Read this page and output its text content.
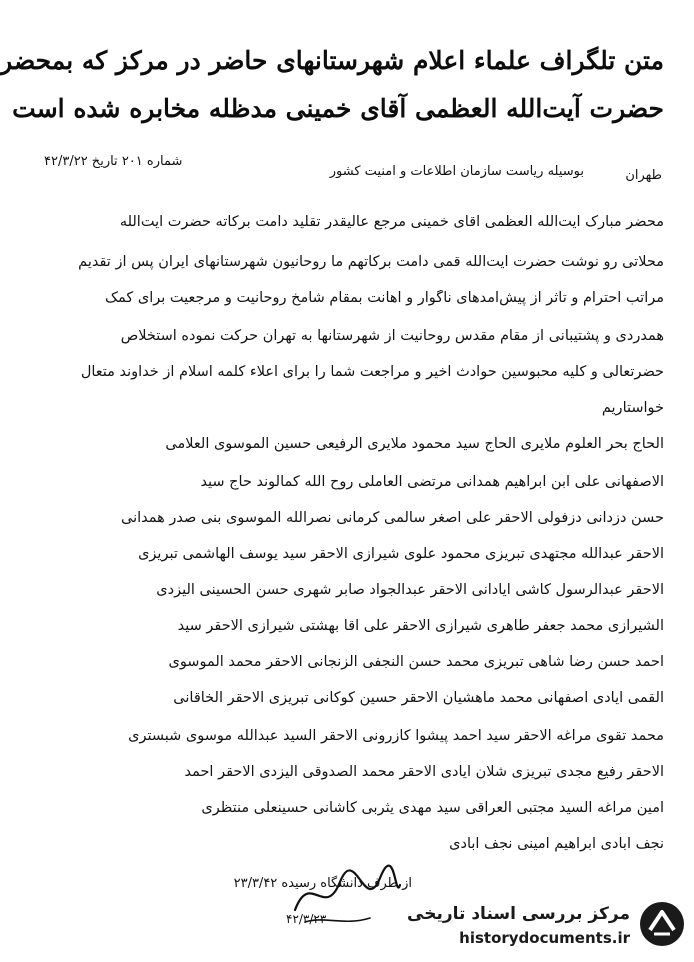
متن تلگراف علماء اعلام شهرستانهای حاضر در مرکز که بمحضر
حضرت آیت‌الله العظمی آقای خمینی مدظله مخابره شده است
طهران
بوسیله ریاست سازمان اطلاعات و امنیت کشور
شماره ۲۰۱ تاریخ ۴۲/۳/۲۲
محضر مبارک آیت‌الله العظمی آقای خمینی مرجع عالیقدر تقلید دامت برکاته حضرت آیت‌الله
محلاتی رو نوشت حضرت آیت‌الله قمی دامت برکاتهم ما روحانیون شهرستانهای ایران پس از تقدیم
مراتب احترام و تأثر از پیش‌آمدهای ناگوار و اهانت بمقام شامخ روحانیت و مرجعیت برای کمک
همدردی و پشتیبانی از مقام مقدس روحانیت از شهرستانها به تهران حرکت نموده استخلاص
حضرتعالی و کلیه محبوسین حوادث اخیر و مراجعت شما را برای اعلاء کلمه اسلام از خداوند متعال
خواستاریم
الحاج بحر العلوم ملایری الحاج سید محمود ملایری الرفیعی حسین الموسوی العلامی
الاصفهانی علی ابن ابراهیم همدانی مرتضی العاملی روح الله کمالوند حاج سید
حسن دزدانی دزفولی الاحقر علی اصغر سالمی کرمانی نصرالله الموسوی بنی صدر همدانی
الاحقر عبدالله مجتهدی تبریزی محمود علوی شیرازی الاحقر سید یوسف الهاشمی تبریزی
الاحقر عبدالرسول کاشی آیادانی الاحقر عبدالجواد صابر شهری حسن الحسینی الیزدی
الشیرازی محمد جعفر طاهری شیرازی الاحقر علی آقا بهشتی شیرازی الاحقر سید
احمد حسن رضا شاهی تبریزی محمد حسن النجفی الزنجانی الاحقر محمد الموسوی
القمی آیادی اصفهانی محمد ماهشیان الاحقر حسین کوکانی تبریزی الاحقر الخاقانی
محمد تقوی مراغه الاحقر سید احمد پیشوا کازرونی الاحقر السید عبدالله موسوی شبستری
الاحقر رفیع مجدی تبریزی شلان آیادی الاحقر محمد الصدوقی الیزدی الاحقر احمد
امین مراغه السید مجتبی العراقی سید مهدی یثربی کاشانی حسینعلی منتظری
نجف آبادی ابراهیم امینی نجف آبادی
از طرف دانشگاه رسیده ۲۳/۳/۴۲
۴۲/۳/۲۳	مرکز بررسی اسناد تاریخی
historydocuments.ir
